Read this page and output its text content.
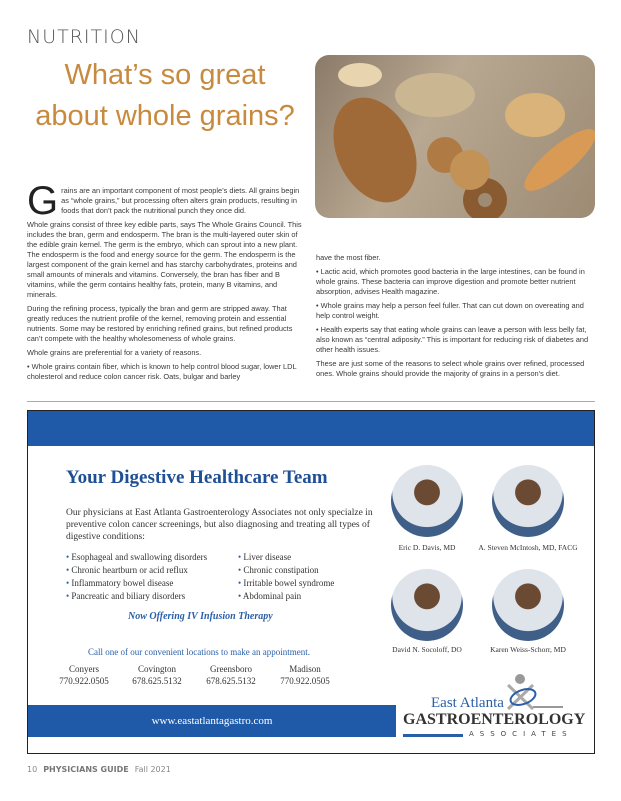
NUTRITION
What’s so great about whole grains?

Grains are an important component of most people’s diets. All grains begin as “whole grains,” but processing often alters grain products, resulting in foods that don’t pack the nutritional punch they once did.

Whole grains consist of three key edible parts, says The Whole Grains Council. This includes the bran, germ and endosperm. The bran is the multi-layered outer skin of the edible grain kernel. The germ is the embryo, which can sprout into a new plant. The endosperm is the food and energy source for the germ. The endosperm is the largest component of the grain kernel and has starchy carbohydrates, proteins and small amounts of minerals and vitamins. Conversely, the bran has fiber and B vitamins, while the germ contains healthy fats, protein, many B vitamins, and minerals.

During the refining process, typically the bran and germ are stripped away. That greatly reduces the nutrient profile of the kernel, removing protein and essential nutrients. Some may be restored by enriching refined grains, but refined products can’t compete with the healthy wholesomeness of whole grains.

Whole grains are preferential for a variety of reasons.

• Whole grains contain fiber, which is known to help control blood sugar, lower LDL cholesterol and reduce colon cancer risk. Oats, bulgar and barley

have the most fiber.

• Lactic acid, which promotes good bacteria in the large intestines, can be found in whole grains. These bacteria can improve digestion and promote better nutrient absorption, advises Health magazine.

• Whole grains may help a person feel fuller. That can cut down on overeating and help control weight.

• Health experts say that eating whole grains can leave a person with less belly fat, also known as “central adiposity.” This is important for reducing risk of diabetes and other health issues.

These are just some of the reasons to select whole grains over refined, processed ones. Whole grains should provide the majority of grains in a person’s diet.

Your Digestive Healthcare Team
Our physicians at East Atlanta Gastroenterology Associates not only specialze in preventive colon cancer screenings, but also diagnosing and treating all types of digestive conditions:
• Esophageal and swallowing disorders
• Chronic heartburn or acid reflux
• Inflammatory bowel disease
• Pancreatic and biliary disorders
• Liver disease
• Chronic constipation
• Irritable bowel syndrome
• Abdominal pain
Now Offering IV Infusion Therapy
Call one of our convenient locations to make an appointment.
Conyers
770.922.0505
Covington
678.625.5132
Greensboro
678.625.5132
Madison
770.922.0505
www.eastatlantagastro.com
Eric D. Davis, MD	A. Steven McIntosh, MD, FACG
David N. Socoloff, DO	Karen Weiss-Schorr, MD
East Atlanta
GASTROENTEROLOGY
ASSOCIATES
10 PHYSICIANS GUIDE Fall 2021
